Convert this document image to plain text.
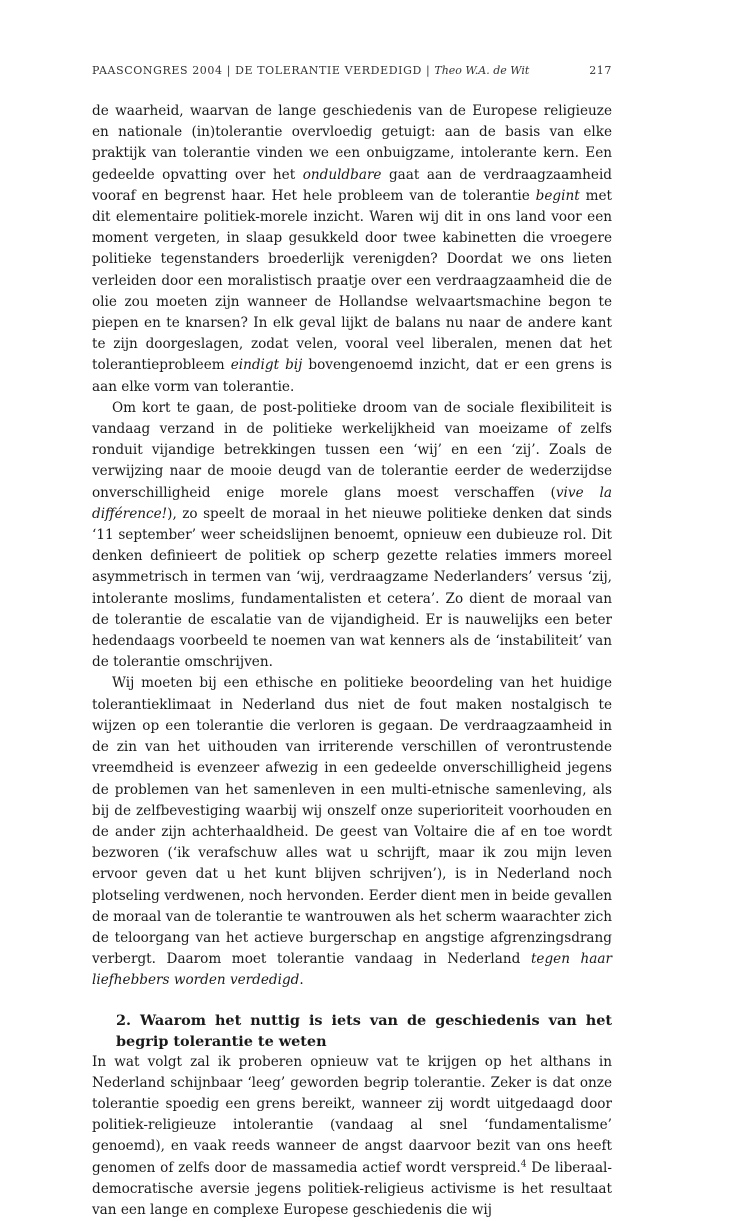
PAASCONGRES 2004 | DE TOLERANTIE VERDEDIGD | Theo W.A. de Wit	217

de waarheid, waarvan de lange geschiedenis van de Europese religieuze en nationale (in)tolerantie overvloedig getuigt: aan de basis van elke praktijk van tolerantie vinden we een onbuigzame, intolerante kern. Een gedeelde opvatting over het onduldbare gaat aan de verdraagzaamheid vooraf en begrenst haar. Het hele probleem van de tolerantie begint met dit elementaire politiek-morele inzicht. Waren wij dit in ons land voor een moment vergeten, in slaap gesukkeld door twee kabinetten die vroegere politieke tegenstanders broederlijk verenigden? Doordat we ons lieten verleiden door een moralistisch praatje over een verdraagzaamheid die de olie zou moeten zijn wanneer de Hollandse welvaartsmachine begon te piepen en te knarsen? In elk geval lijkt de balans nu naar de andere kant te zijn doorgeslagen, zodat velen, vooral veel liberalen, menen dat het tolerantieprobleem eindigt bij bovengenoemd inzicht, dat er een grens is aan elke vorm van tolerantie.

Om kort te gaan, de post-politieke droom van de sociale flexibiliteit is vandaag verzand in de politieke werkelijkheid van moeizame of zelfs ronduit vijandige betrekkingen tussen een ‘wij’ en een ‘zij’. Zoals de verwijzing naar de mooie deugd van de tolerantie eerder de wederzijdse onverschilligheid enige morele glans moest verschaffen (vive la différence!), zo speelt de moraal in het nieuwe politieke denken dat sinds ‘11 september’ weer scheidslijnen benoemt, opnieuw een dubieuze rol. Dit denken definieert de politiek op scherp gezette relaties immers moreel asymmetrisch in termen van ‘wij, verdraagzame Nederlanders’ versus ‘zij, intolerante moslims, fundamentalisten et cetera’. Zo dient de moraal van de tolerantie de escalatie van de vijandigheid. Er is nauwelijks een beter hedendaags voorbeeld te noemen van wat kenners als de ‘instabiliteit’ van de tolerantie omschrijven.

Wij moeten bij een ethische en politieke beoordeling van het huidige tolerantieklimaat in Nederland dus niet de fout maken nostalgisch te wijzen op een tolerantie die verloren is gegaan. De verdraagzaamheid in de zin van het uithouden van irriterende verschillen of verontrustende vreemdheid is evenzeer afwezig in een gedeelde onverschilligheid jegens de problemen van het samenleven in een multi-etnische samenleving, als bij de zelfbevestiging waarbij wij onszelf onze superioriteit voorhouden en de ander zijn achterhaaldheid. De geest van Voltaire die af en toe wordt bezworen (‘ik verafschuw alles wat u schrijft, maar ik zou mijn leven ervoor geven dat u het kunt blijven schrijven’), is in Nederland noch plotseling verdwenen, noch hervonden. Eerder dient men in beide gevallen de moraal van de tolerantie te wantrouwen als het scherm waarachter zich de teloorgang van het actieve burgerschap en angstige afgrenzingsdrang verbergt. Daarom moet tolerantie vandaag in Nederland tegen haar liefhebbers worden verdedigd.

2. Waarom het nuttig is iets van de geschiedenis van het begrip tolerantie te weten

In wat volgt zal ik proberen opnieuw vat te krijgen op het althans in Nederland schijnbaar ‘leeg’ geworden begrip tolerantie. Zeker is dat onze tolerantie spoedig een grens bereikt, wanneer zij wordt uitgedaagd door politiek-religieuze intolerantie (vandaag al snel ‘fundamentalisme’ genoemd), en vaak reeds wanneer de angst daarvoor bezit van ons heeft genomen of zelfs door de massamedia actief wordt verspreid.$^4$ De liberaal-democratische aversie jegens politiek-religieus activisme is het resultaat van een lange en complexe Europese geschiedenis die wij
